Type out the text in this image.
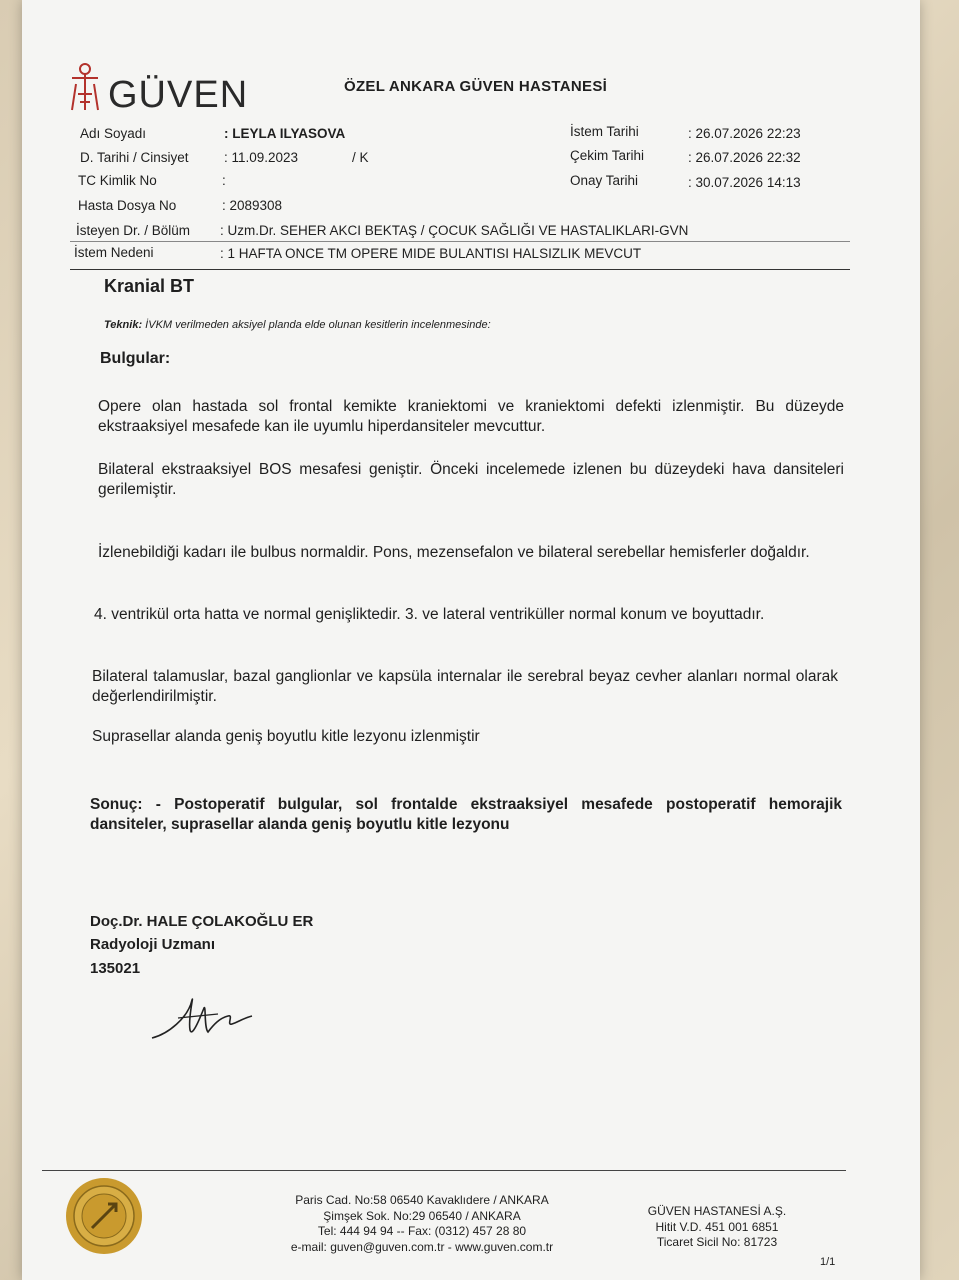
GÜVEN	ÖZEL ANKARA GÜVEN HASTANESİ
Adı Soyadı	: LEYLA ILYASOVA
D. Tarihi / Cinsiyet	: 11.09.2023	/ K
TC Kimlik No	:
Hasta Dosya No	: 2089308
İsteyen Dr. / Bölüm : Uzm.Dr. SEHER AKCI BEKTAŞ / ÇOCUK SAĞLIĞI VE HASTALIKLARI-GVN
İstem Nedeni	: 1 HAFTA ONCE TM OPERE MIDE BULANTISI HALSIZLIK MEVCUT
İstem Tarihi	: 26.07.2026 22:23
Çekim Tarihi	: 26.07.2026 22:32
Onay Tarihi	: 30.07.2026 14:13
Kranial BT
Teknik: İVKM verilmeden aksiyel planda elde olunan kesitlerin incelenmesinde:
Bulgular:
Opere olan hastada sol frontal kemikte kraniektomi ve kraniektomi defekti izlenmiştir. Bu düzeyde ekstraaksiyel mesafede kan ile uyumlu hiperdansiteler mevcuttur.
Bilateral ekstraaksiyel BOS mesafesi geniştir. Önceki incelemede izlenen bu düzeydeki hava dansiteleri gerilemiştir.
İzlenebildiği kadarı ile bulbus normaldir. Pons, mezensefalon ve bilateral serebellar hemisferler doğaldır.
4. ventrikül orta hatta ve normal genişliktedir. 3. ve lateral ventriküller normal konum ve boyuttadır.
Bilateral talamuslar, bazal ganglionlar ve kapsüla internalar ile serebral beyaz cevher alanları normal olarak değerlendirilmiştir.
Suprasellar alanda geniş boyutlu kitle lezyonu izlenmiştir
Sonuç: - Postoperatif bulgular, sol frontalde ekstraaksiyel mesafede postoperatif hemorajik dansiteler, suprasellar alanda geniş boyutlu kitle lezyonu
Doç.Dr. HALE ÇOLAKOĞLU ER
Radyoloji Uzmanı
135021
Paris Cad. No:58 06540 Kavaklıdere / ANKARA
Şimşek Sok. No:29 06540 / ANKARA
Tel: 444 94 94 -- Fax: (0312) 457 28 80
e-mail: guven@guven.com.tr - www.guven.com.tr
GÜVEN HASTANESİ A.Ş.
Hitit V.D. 451 001 6851
Ticaret Sicil No: 81723
1/1
